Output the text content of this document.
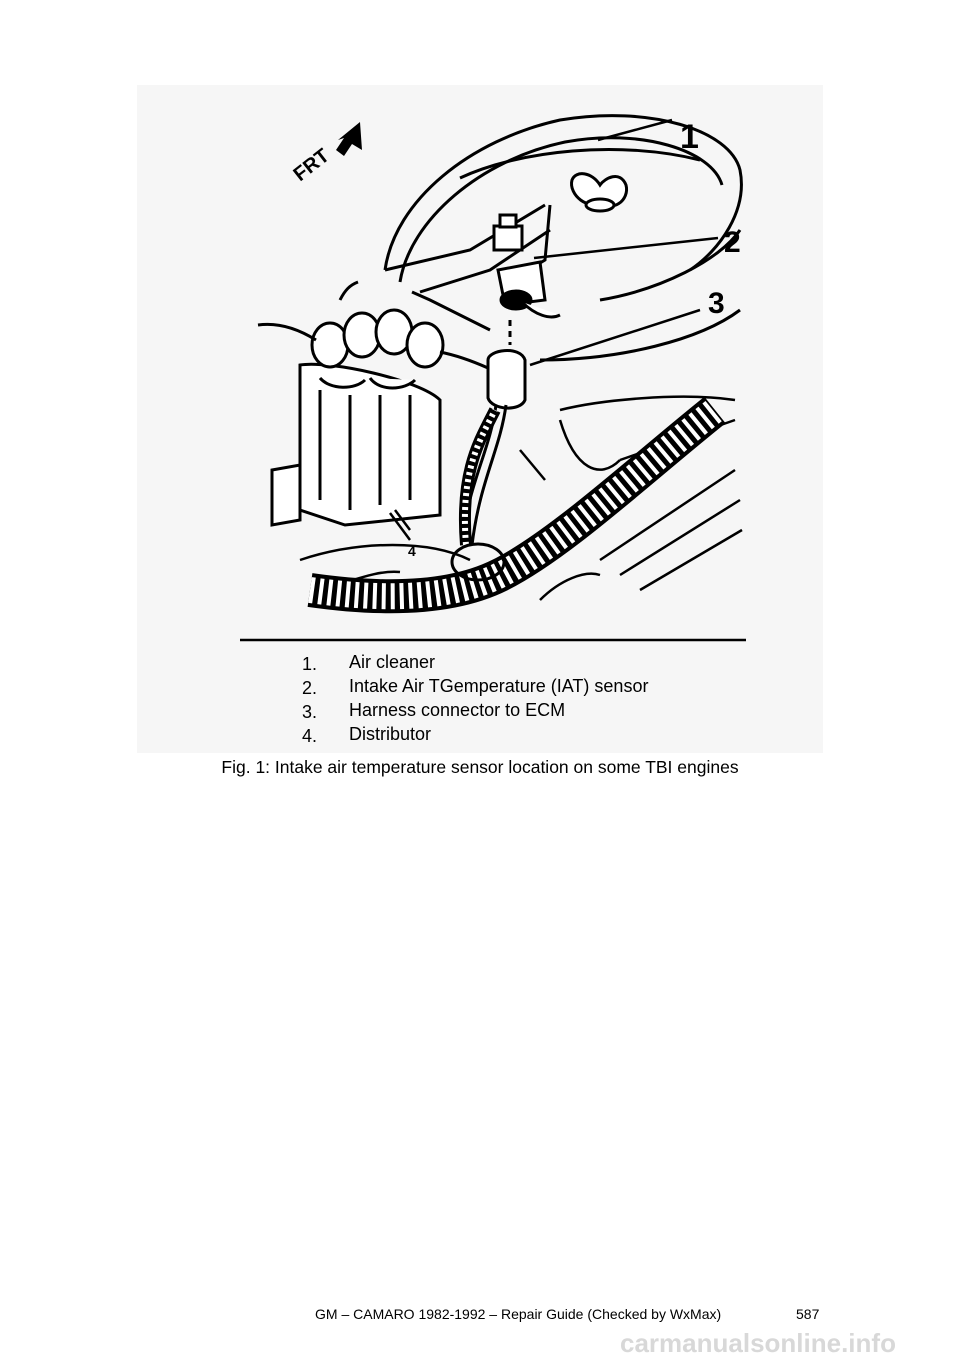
FRT
1
2
3
4
1. Air cleaner
2. Intake Air TGemperature (IAT) sensor
3. Harness connector to ECM
4. Distributor
Fig. 1: Intake air temperature sensor location on some TBI engines
GM – CAMARO 1982-1992 – Repair Guide (Checked by WxMax)	587
carmanualsonline.info
